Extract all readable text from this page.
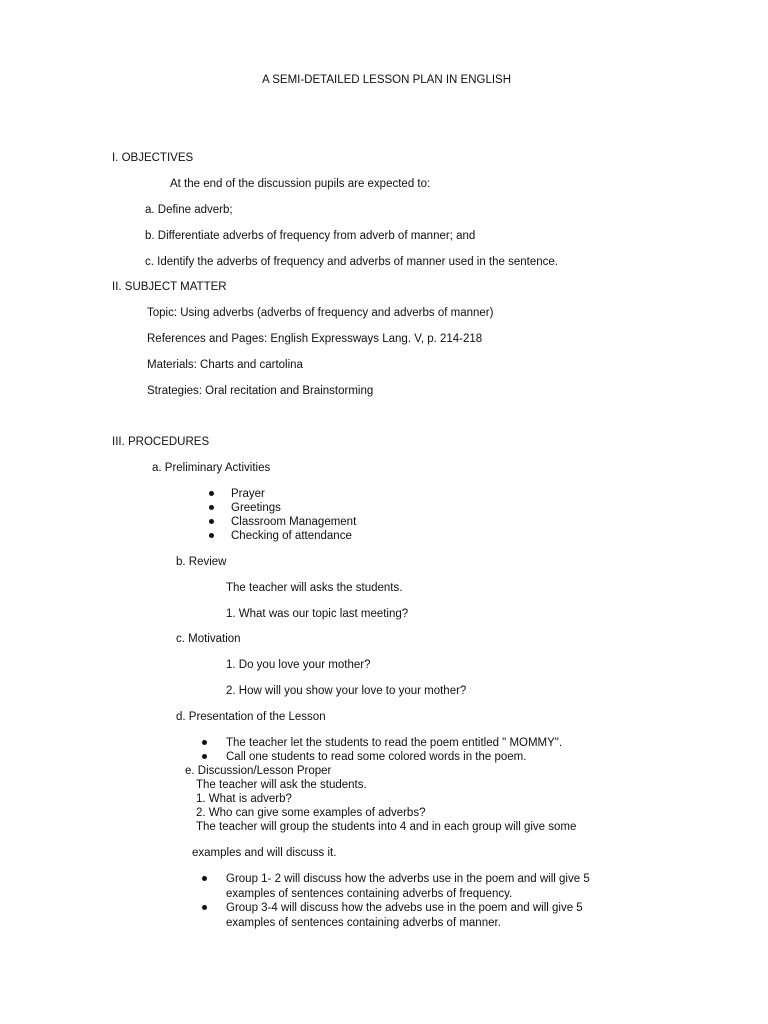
A SEMI-DETAILED LESSON PLAN IN ENGLISH

I. OBJECTIVES

At the end of the discussion pupils are expected to:

a. Define adverb;

b. Differentiate adverbs of frequency from adverb of manner; and

c. Identify the adverbs of frequency and adverbs of manner used in the sentence.

II. SUBJECT MATTER

Topic: Using adverbs (adverbs of frequency and adverbs of manner)

References and Pages: English Expressways Lang. V, p. 214-218

Materials: Charts and cartolina

Strategies: Oral recitation and Brainstorming

III. PROCEDURES

a. Preliminary Activities

Prayer

Greetings

Classroom Management

Checking of attendance

b. Review

The teacher will asks the students.

1. What was our topic last meeting?

c. Motivation

1. Do you love your mother?

2. How will you show your love to your mother?

d. Presentation of the Lesson

The teacher let the students to read the poem entitled " MOMMY".

Call one students to read some colored words in the poem.

e. Discussion/Lesson Proper

The teacher will ask the students.

1. What is adverb?

2. Who can give some examples of adverbs?

The teacher will group the students into 4 and in each group will give some

examples and will discuss it.

Group 1- 2 will discuss how the adverbs use in the poem and will give 5

examples of sentences containing adverbs of frequency.

Group 3-4 will discuss how the advebs use in the poem and will give 5

examples of sentences containing adverbs of manner.
